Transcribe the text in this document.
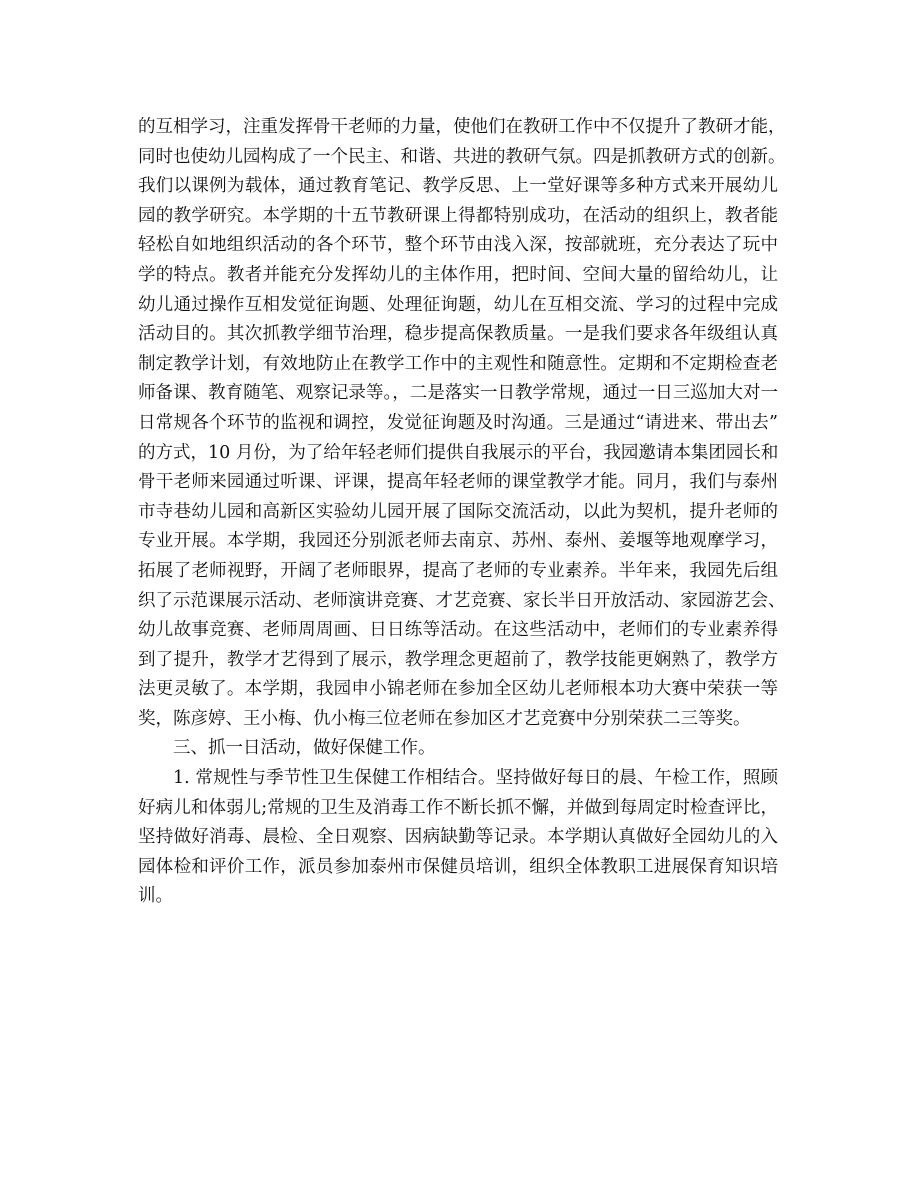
的互相学习，注重发挥骨干老师的力量，使他们在教研工作中不仅提升了教研才能，
同时也使幼儿园构成了一个民主、和谐、共进的教研气氛。四是抓教研方式的创新。
我们以课例为载体，通过教育笔记、教学反思、上一堂好课等多种方式来开展幼儿
园的教学研究。本学期的十五节教研课上得都特别成功，在活动的组织上，教者能
轻松自如地组织活动的各个环节，整个环节由浅入深，按部就班，充分表达了玩中
学的特点。教者并能充分发挥幼儿的主体作用，把时间、空间大量的留给幼儿，让
幼儿通过操作互相发觉征询题、处理征询题，幼儿在互相交流、学习的过程中完成
活动目的。其次抓教学细节治理，稳步提高保教质量。一是我们要求各年级组认真
制定教学计划，有效地防止在教学工作中的主观性和随意性。定期和不定期检查老
师备课、教育随笔、观察记录等。，二是落实一日教学常规，通过一日三巡加大对一
日常规各个环节的监视和调控，发觉征询题及时沟通。三是通过“请进来、带出去”
的方式，10 月份，为了给年轻老师们提供自我展示的平台，我园邀请本集团园长和
骨干老师来园通过听课、评课，提高年轻老师的课堂教学才能。同月，我们与泰州
市寺巷幼儿园和高新区实验幼儿园开展了国际交流活动，以此为契机，提升老师的
专业开展。本学期，我园还分别派老师去南京、苏州、泰州、姜堰等地观摩学习，
拓展了老师视野，开阔了老师眼界，提高了老师的专业素养。半年来，我园先后组
织了示范课展示活动、老师演讲竞赛、才艺竞赛、家长半日开放活动、家园游艺会、
幼儿故事竞赛、老师周周画、日日练等活动。在这些活动中，老师们的专业素养得
到了提升，教学才艺得到了展示，教学理念更超前了，教学技能更娴熟了，教学方
法更灵敏了。本学期，我园申小锦老师在参加全区幼儿老师根本功大赛中荣获一等
奖，陈彦婷、王小梅、仇小梅三位老师在参加区才艺竞赛中分别荣获二三等奖。
三、抓一日活动，做好保健工作。
1. 常规性与季节性卫生保健工作相结合。坚持做好每日的晨、午检工作，照顾
好病儿和体弱儿;常规的卫生及消毒工作不断长抓不懈，并做到每周定时检查评比，
坚持做好消毒、晨检、全日观察、因病缺勤等记录。本学期认真做好全园幼儿的入
园体检和评价工作，派员参加泰州市保健员培训，组织全体教职工进展保育知识培
训。
